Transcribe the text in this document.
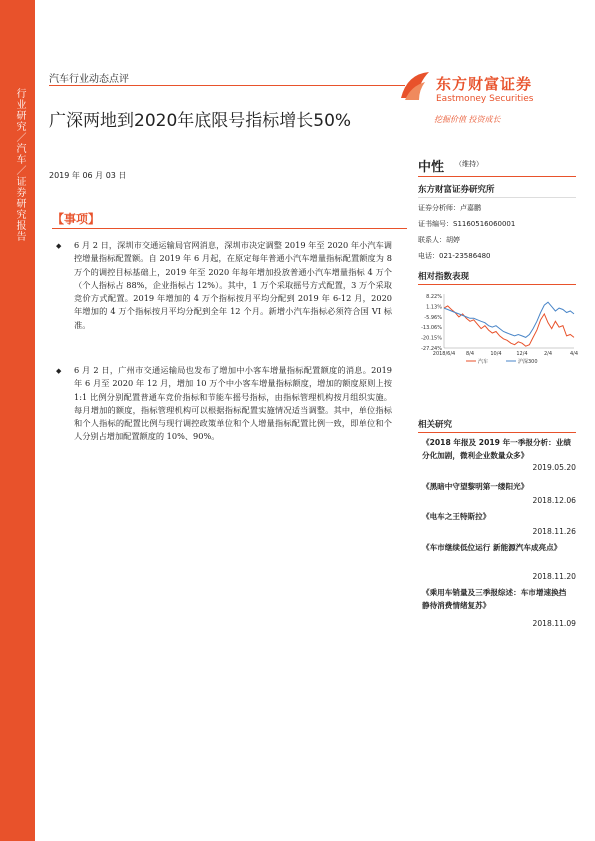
行业研究／汽车／证券研究报告
汽车行业动态点评
广深两地到2020年底限号指标增长50%
2019 年 06 月 03 日
【事项】
◆ 6 月 2 日，深圳市交通运输局官网消息，深圳市决定调整 2019 年至 2020 年小汽车调控增量指标配置额。自 2019 年 6 月起，在原定每年普通小汽车增量指标配置额度为 8 万个的调控目标基础上，2019 年至 2020 年每年增加投放普通小汽车增量指标 4 万个（个人指标占 88%，企业指标占 12%）。其中，1 万个采取摇号方式配置，3 万个采取竞价方式配置。2019 年增加的 4 万个指标按月平均分配到 2019 年 6-12 月，2020 年增加的 4 万个指标按月平均分配到全年 12 个月。新增小汽车指标必须符合国 VI 标准。
◆ 6 月 2 日，广州市交通运输局也发布了增加中小客车增量指标配置额度的消息。2019 年 6 月至 2020 年 12 月，增加 10 万个中小客车增量指标额度，增加的额度原则上按 1:1 比例分别配置普通车竞价指标和节能车摇号指标，由指标管理机构按月组织实施。每月增加的额度，指标管理机构可以根据指标配置实施情况适当调整。其中，单位指标和个人指标的配置比例与现行调控政策单位和个人增量指标配置比例一致，即单位和个人分别占增加配置额度的 10%、90%。
东方财富证券
Eastmoney Securities
挖掘价值 投资成长
中性 （维持）
东方财富证券研究所
证券分析师：卢嘉鹏
证书编号：S1160516060001
联系人：胡婷
电话：021-23586480
相对指数表现
8.22%
1.13%
-5.96%
-13.06%
-20.15%
-27.24%
2018/6/4 8/4	10/4	12/4	2/4	4/4
汽车	沪深300
相关研究
《2018 年报及 2019 年一季报分析：业绩分化加剧，微利企业数量众多》
2019.05.20
《黑暗中守望黎明第一缕阳光》
2018.12.06
《电车之王特斯拉》
2018.11.26
《车市继续低位运行 新能源汽车成亮点》
2018.11.20
《乘用车销量及三季报综述：车市增速换挡 静待消费情绪复苏》
2018.11.09
